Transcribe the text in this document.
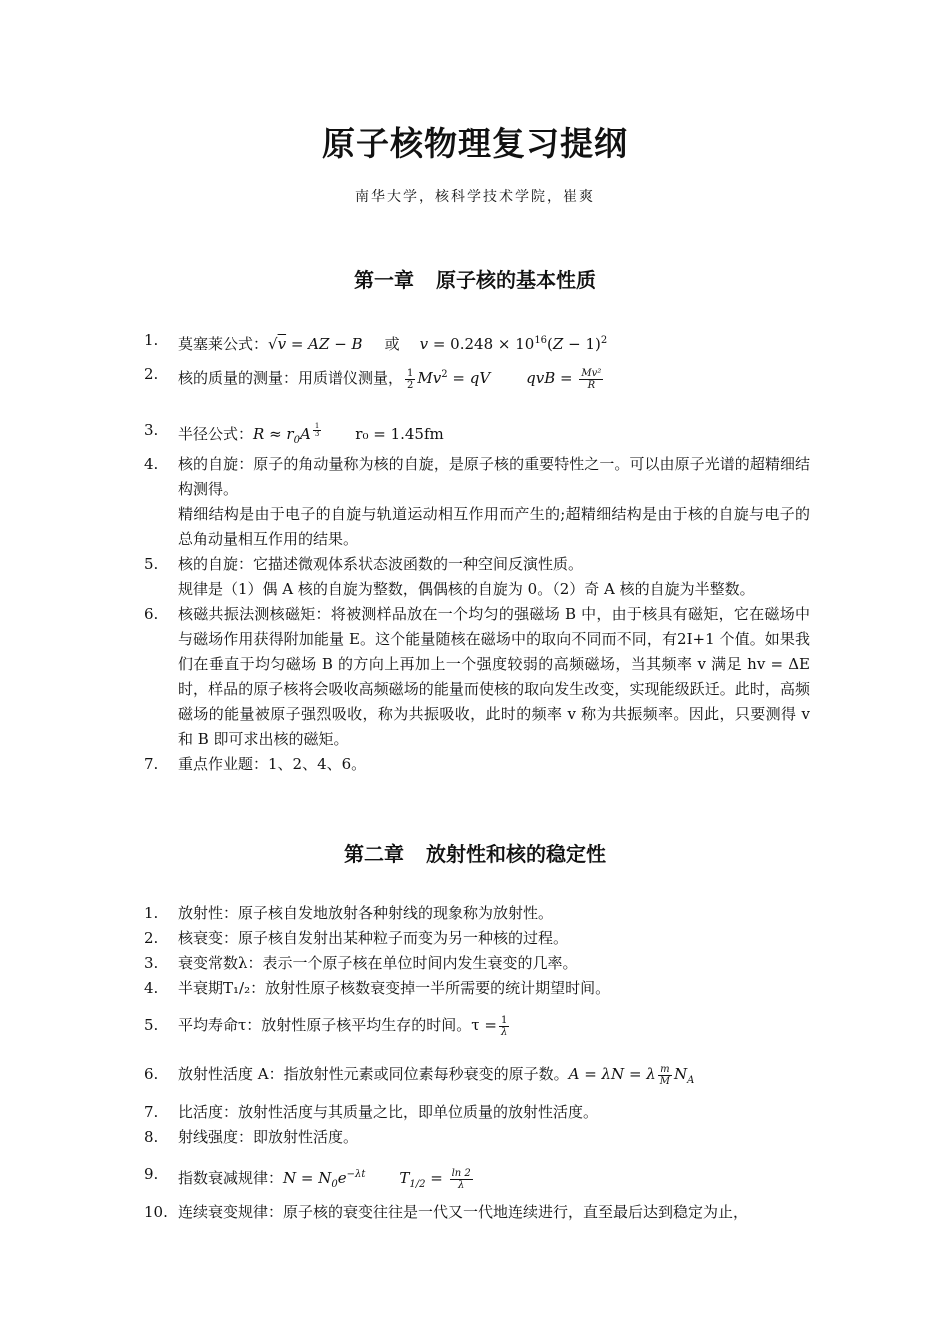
原子核物理复习提纲
南华大学，核科学技术学院，崔爽
第一章 原子核的基本性质
1.	莫塞莱公式：√v = AZ − B 或 $v = 0.248 \times 10^{16}(Z - 1)^2$
2.	核的质量的测量：用质谱仪测量， $\frac{1}{2} Mv^2$ = qV qvB = $\frac{\text{Mv²}}{R}$
3.	半径公式：$R \approx r_0A$ $^{\frac{1}{3}}$ r₀ = 1.45fm
4.	核的自旋：原子的角动量称为核的自旋，是原子核的重要特性之一。可以由原子光谱的超精细结构测得。
精细结构是由于电子的自旋与轨道运动相互作用而产生的;超精细结构是由于核的自旋与电子的总角动量相互作用的结果。
5.	核的自旋：它描述微观体系状态波函数的一种空间反演性质。
规律是（1）偶 A 核的自旋为整数，偶偶核的自旋为 0。（2）奇 A 核的自旋为半整数。
6.	核磁共振法测核磁矩：将被测样品放在一个均匀的强磁场 B 中，由于核具有磁矩，它在磁场中与磁场作用获得附加能量 E。这个能量随核在磁场中的取向不同而不同，有2I+1 个值。如果我们在垂直于均匀磁场 B 的方向上再加上一个强度较弱的高频磁场，当其频率 v 满足 hv = ΔE 时，样品的原子核将会吸收高频磁场的能量而使核的取向发生改变，实现能级跃迁。此时，高频磁场的能量被原子强烈吸收，称为共振吸收，此时的频率 v 称为共振频率。因此，只要测得 v 和 B 即可求出核的磁矩。
7.	重点作业题：1、2、4、6。
第二章 放射性和核的稳定性
1.	放射性：原子核自发地放射各种射线的现象称为放射性。
2.	核衰变：原子核自发射出某种粒子而变为另一种核的过程。
3.	衰变常数λ：表示一个原子核在单位时间内发生衰变的几率。
4.	半衰期T₁/₂：放射性原子核数衰变掉一半所需要的统计期望时间。
5.	平均寿命τ：放射性原子核平均生存的时间。$\tau = \frac{1}{\lambda}$
6.	放射性活度 A：指放射性元素或同位素每秒衰变的原子数。A = λN = λ $\frac{m}{M} N_A$
7.	比活度：放射性活度与其质量之比，即单位质量的放射性活度。
8.	射线强度：即放射性活度。
9.	指数衰减规律：$N = N_0e^{-\lambda t}$ $T_{1/2} = \frac{\ln 2}{\lambda}$
10. 连续衰变规律：原子核的衰变往往是一代又一代地连续进行，直至最后达到稳定为止，
